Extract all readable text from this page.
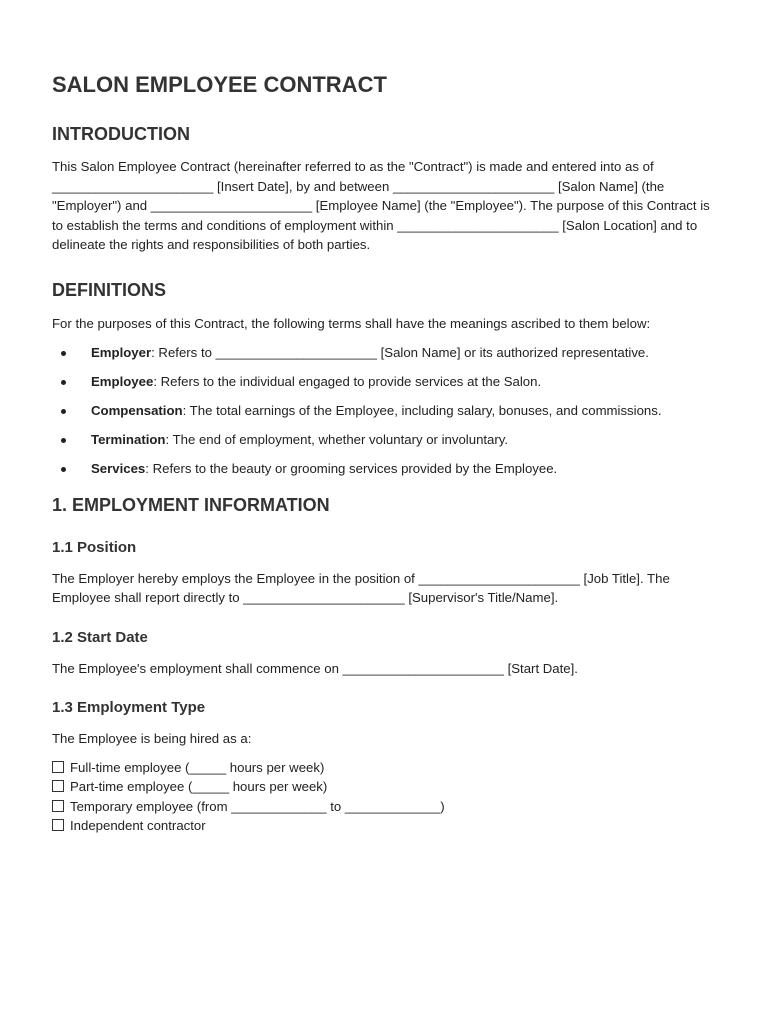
SALON EMPLOYEE CONTRACT
INTRODUCTION

This Salon Employee Contract (hereinafter referred to as the "Contract") is made and entered into as of ______________________ [Insert Date], by and between ______________________ [Salon Name] (the "Employer") and ______________________ [Employee Name] (the "Employee"). The purpose of this Contract is to establish the terms and conditions of employment within ______________________ [Salon Location] and to delineate the rights and responsibilities of both parties.

DEFINITIONS

For the purposes of this Contract, the following terms shall have the meanings ascribed to them below:

Employer: Refers to ______________________ [Salon Name] or its authorized representative.
Employee: Refers to the individual engaged to provide services at the Salon.
Compensation: The total earnings of the Employee, including salary, bonuses, and commissions.
Termination: The end of employment, whether voluntary or involuntary.
Services: Refers to the beauty or grooming services provided by the Employee.
1. EMPLOYMENT INFORMATION
1.1 Position

The Employer hereby employs the Employee in the position of ______________________ [Job Title]. The Employee shall report directly to ______________________ [Supervisor's Title/Name].

1.2 Start Date

The Employee's employment shall commence on ______________________ [Start Date].

1.3 Employment Type

The Employee is being hired as a:

Full-time employee (_____ hours per week)
Part-time employee (_____ hours per week)
Temporary employee (from _____________ to _____________)
Independent contractor
